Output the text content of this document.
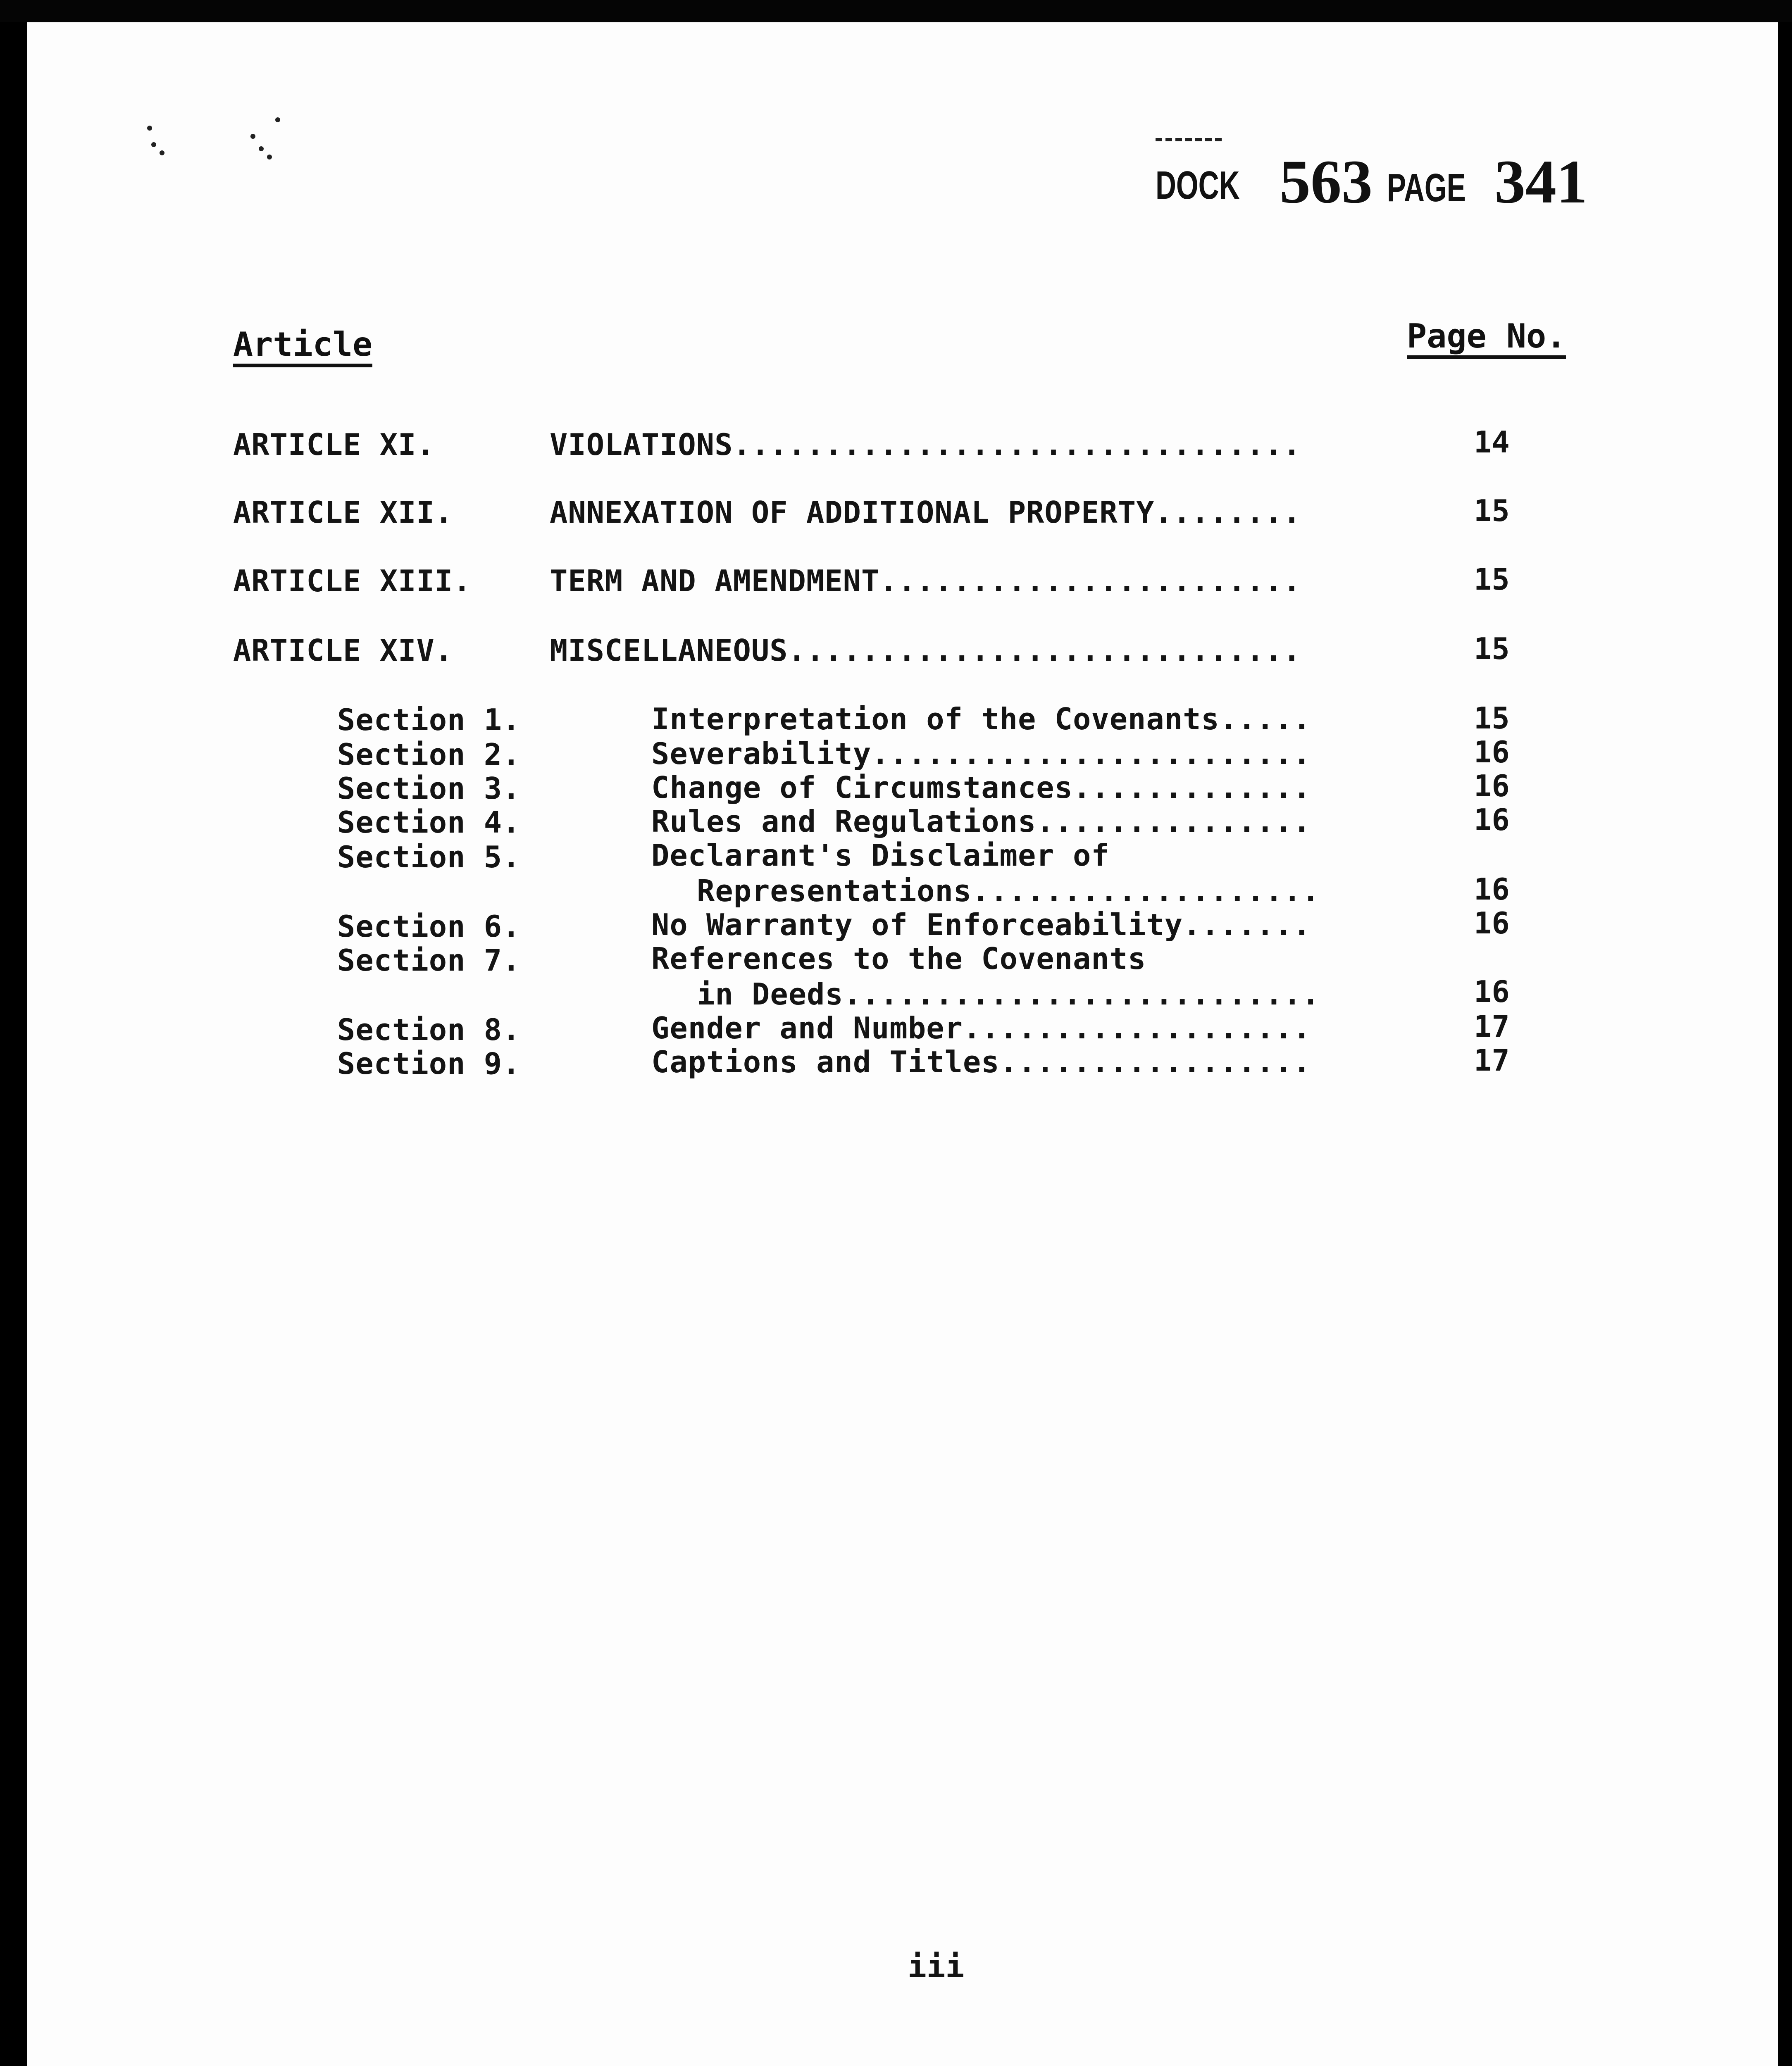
DOCK 563 PAGE 341
Article	Page No.
ARTICLE XI.	VIOLATIONS...............................	14
ARTICLE XII.	ANNEXATION OF ADDITIONAL PROPERTY........	15
ARTICLE XIII.	TERM AND AMENDMENT.......................	15
ARTICLE XIV.	MISCELLANEOUS............................	15
Section 1.	Interpretation of the Covenants.....	15
Section 2.	Severability........................	16
Section 3.	Change of Circumstances.............	16
Section 4.	Rules and Regulations...............	16
Section 5.	Declarant's Disclaimer of
Representations...................	16
Section 6.	No Warranty of Enforceability.......	16
Section 7.	References to the Covenants
in Deeds..........................	16
Section 8.	Gender and Number...................	17
Section 9.	Captions and Titles.................	17
iii
